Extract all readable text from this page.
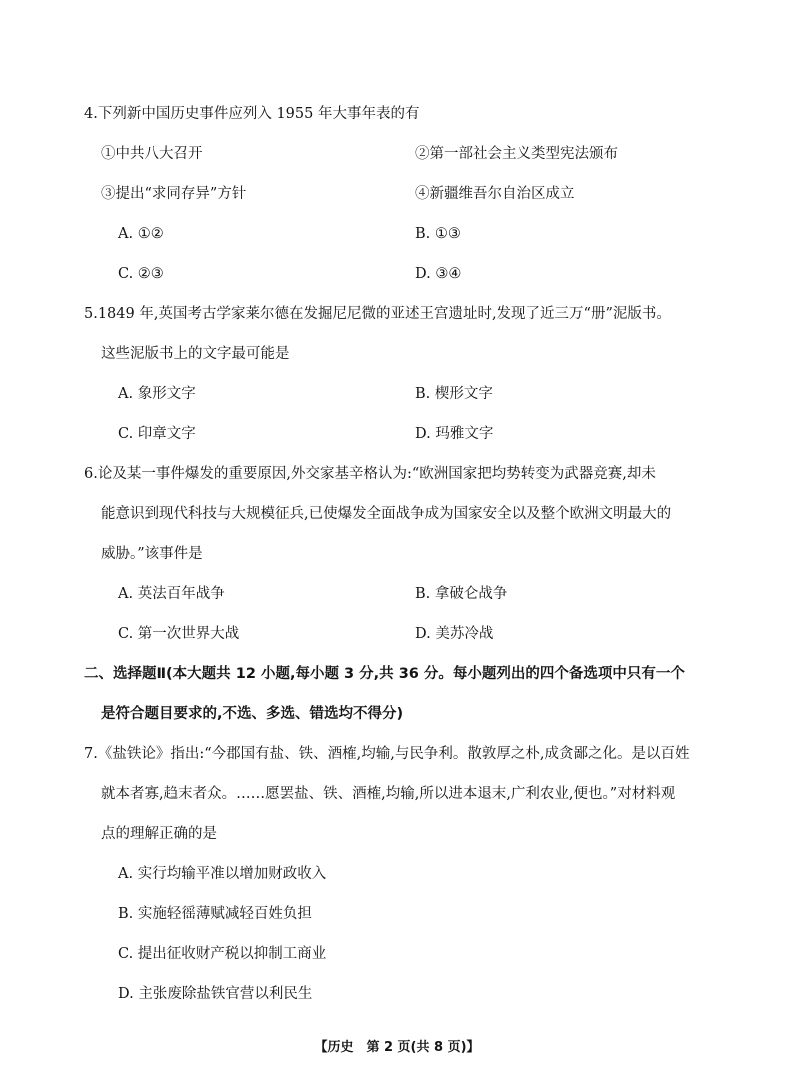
4.下列新中国历史事件应列入 1955 年大事年表的有
①中共八大召开	②第一部社会主义类型宪法颁布
③提出“求同存异”方针	④新疆维吾尔自治区成立
A. ①②	B. ①③
C. ②③	D. ③④
5.1849 年,英国考古学家莱尔德在发掘尼尼微的亚述王宫遗址时,发现了近三万“册”泥版书。
这些泥版书上的文字最可能是
A. 象形文字	B. 楔形文字
C. 印章文字	D. 玛雅文字
6.论及某一事件爆发的重要原因,外交家基辛格认为:“欧洲国家把均势转变为武器竞赛,却未
能意识到现代科技与大规模征兵,已使爆发全面战争成为国家安全以及整个欧洲文明最大的
威胁。”该事件是
A. 英法百年战争	B. 拿破仑战争
C. 第一次世界大战	D. 美苏冷战
二、选择题Ⅱ(本大题共 12 小题,每小题 3 分,共 36 分。每小题列出的四个备选项中只有一个
是符合题目要求的,不选、多选、错选均不得分)
7.《盐铁论》指出:“今郡国有盐、铁、酒榷,均输,与民争利。散敦厚之朴,成贪鄙之化。是以百姓
就本者寡,趋末者众。……愿罢盐、铁、酒榷,均输,所以进本退末,广利农业,便也。”对材料观
点的理解正确的是
A. 实行均输平准以增加财政收入
B. 实施轻徭薄赋减轻百姓负担
C. 提出征收财产税以抑制工商业
D. 主张废除盐铁官营以利民生
【历史　第 2 页(共 8 页)】
